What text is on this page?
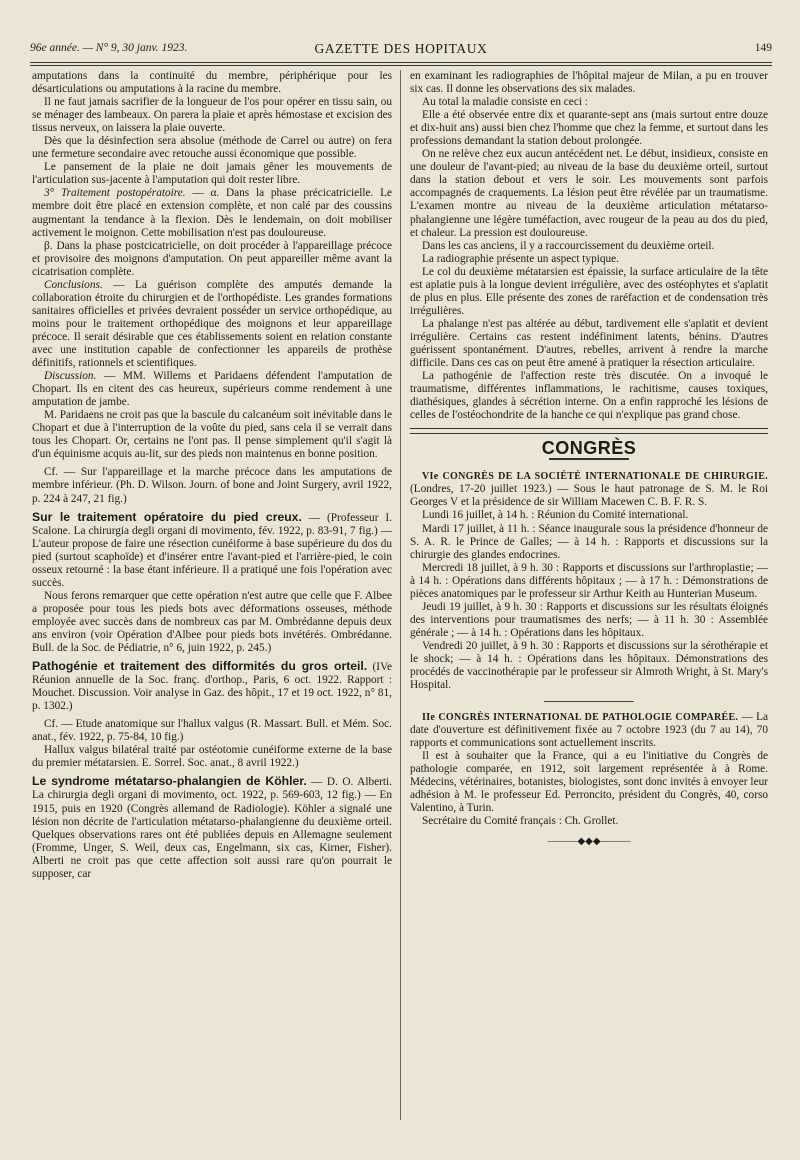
96e année. — N° 9, 30 janv. 1923.	GAZETTE DES HOPITAUX	149

amputations dans la continuité du membre, périphérique pour les désarticulations ou amputations à la racine du membre.

Il ne faut jamais sacrifier de la longueur de l'os pour opérer en tissu sain, ou se ménager des lambeaux. On parera la plaie et après hémostase et excision des tissus nerveux, on laissera la plaie ouverte.

Dès que la désinfection sera absolue (méthode de Carrel ou autre) on fera une fermeture secondaire avec retouche aussi économique que possible.

Le pansement de la plaie ne doit jamais gêner les mouvements de l'articulation sus-jacente à l'amputation qui doit rester libre.

3° Traitement postopératoire. — α. Dans la phase précicatricielle. Le membre doit être placé en extension complète, et non calé par des coussins augmentant la tendance à la flexion. Dès le lendemain, on doit mobiliser activement le moignon. Cette mobilisation n'est pas douloureuse.

β. Dans la phase postcicatricielle, on doit procéder à l'appareillage précoce et provisoire des moignons d'amputation. On peut appareiller même avant la cicatrisation complète.

Conclusions. — La guérison complète des amputés demande la collaboration étroite du chirurgien et de l'orthopédiste. Les grandes formations sanitaires officielles et privées devraient posséder un service orthopédique, au moins pour le traitement orthopédique des moignons et leur appareillage précoce. Il serait désirable que ces établissements soient en relation constante avec une institution capable de confectionner les appareils de prothèse définitifs, rationnels et scientifiques.

Discussion. — MM. Willems et Paridaens défendent l'amputation de Chopart. Ils en citent des cas heureux, supérieurs comme rendement à une amputation de jambe.

M. Paridaens ne croit pas que la bascule du calcanéum soit inévitable dans le Chopart et due à l'interruption de la voûte du pied, sans cela il se verrait dans tous les Chopart. Or, certains ne l'ont pas. Il pense simplement qu'il s'agit là d'un équinisme acquis au-lit, sur des pieds non maintenus en bonne position.

Cf. — Sur l'appareillage et la marche précoce dans les amputations de membre inférieur. (Ph. D. Wilson. Journ. of bone and Joint Surgery, avril 1922, p. 224 à 247, 21 fig.)

Sur le traitement opératoire du pied creux. — (Professeur I. Scalone. La chirurgia degli organi di movimento, fév. 1922, p. 83-91, 7 fig.) — L'auteur propose de faire une résection cunéiforme à base supérieure du dos du pied (surtout scaphoïde) et d'insérer entre l'avant-pied et l'arrière-pied, le coin osseux retourné : la base étant inférieure. Il a pratiqué une fois l'opération avec succès.

Nous ferons remarquer que cette opération n'est autre que celle que F. Albee a proposée pour tous les pieds bots avec déformations osseuses, méthode employée avec succès dans de nombreux cas par M. Ombrédanne depuis deux ans environ (voir Opération d'Albee pour pieds bots invétérés. Ombrédanne. Bull. de la Soc. de Pédiatrie, n° 6, juin 1922, p. 245.)

Pathogénie et traitement des difformités du gros orteil. (IVe Réunion annuelle de la Soc. franç. d'orthop., Paris, 6 oct. 1922. Rapport : Mouchet. Discussion. Voir analyse in Gaz. des hôpit., 17 et 19 oct. 1922, n° 81, p. 1302.)

Cf. — Etude anatomique sur l'hallux valgus (R. Massart. Bull. et Mém. Soc. anat., fév. 1922, p. 75-84, 10 fig.)

Hallux valgus bilatéral traité par ostéotomie cunéiforme externe de la base du premier métatarsien. E. Sorrel. Soc. anat., 8 avril 1922.)

Le syndrome métatarso-phalangien de Köhler. — D. O. Alberti. La chirurgia degli organi di movimento, oct. 1922, p. 569-603, 12 fig.) — En 1915, puis en 1920 (Congrès allemand de Radiologie). Köhler a signalé une lésion non décrite de l'articulation métatarso-phalangienne du deuxième orteil. Quelques observations rares ont été publiées depuis en Allemagne seulement (Fromme, Unger, S. Weil, deux cas, Engelmann, six cas, Kirner, Fisher). Alberti ne croit pas que cette affection soit aussi rare qu'on pourrait le supposer, car

en examinant les radiographies de l'hôpital majeur de Milan, a pu en trouver six cas. Il donne les observations des six malades.

Au total la maladie consiste en ceci :

Elle a été observée entre dix et quarante-sept ans (mais surtout entre douze et dix-huit ans) aussi bien chez l'homme que chez la femme, et surtout dans les professions demandant la station debout prolongée.

On ne relève chez eux aucun antécédent net. Le début, insidieux, consiste en une douleur de l'avant-pied; au niveau de la base du deuxième orteil, surtout dans la station debout et vers le soir. Les mouvements sont parfois accompagnés de craquements. La lésion peut être révélée par un traumatisme. L'examen montre au niveau de la deuxième articulation métatarso-phalangienne une légère tuméfaction, avec rougeur de la peau au dos du pied, et chaleur. La pression est douloureuse.

Dans les cas anciens, il y a raccourcissement du deuxième orteil.

La radiographie présente un aspect typique.

Le col du deuxième métatarsien est épaissie, la surface articulaire de la tête est aplatie puis à la longue devient irrégulière, avec des ostéophytes et s'aplatit de plus en plus. Elle présente des zones de raréfaction et de condensation très irrégulières.

La phalange n'est pas altérée au début, tardivement elle s'aplatit et devient irrégulière. Certains cas restent indéfiniment latents, bénins. D'autres guérissent spontanément. D'autres, rebelles, arrivent à rendre la marche difficile. Dans ces cas on peut être amené à pratiquer la résection articulaire.

La pathogénie de l'affection reste très discutée. On a invoqué le traumatisme, différentes inflammations, le rachitisme, causes toxiques, diathésiques, glandes à sécrétion interne. On a enfin rapproché les lésions de celles de l'ostéochondrite de la hanche ce qui n'explique pas grand chose.

CONGRÈS

VIe CONGRÈS DE LA SOCIÉTÉ INTERNATIONALE DE CHIRURGIE. (Londres, 17-20 juillet 1923.) — Sous le haut patronage de S. M. le Roi Georges V et la présidence de sir William Macewen C. B. F. R. S.

Lundi 16 juillet, à 14 h. : Réunion du Comité international.

Mardi 17 juillet, à 11 h. : Séance inaugurale sous la présidence d'honneur de S. A. R. le Prince de Galles; — à 14 h. : Rapports et discussions sur la chirurgie des glandes endocrines.

Mercredi 18 juillet, à 9 h. 30 : Rapports et discussions sur l'arthroplastie; — à 14 h. : Opérations dans différents hôpitaux ; — à 17 h. : Démonstrations de pièces anatomiques par le professeur sir Arthur Keith au Hunterian Museum.

Jeudi 19 juillet, à 9 h. 30 : Rapports et discussions sur les résultats éloignés des interventions pour traumatismes des nerfs; — à 11 h. 30 : Assemblée générale ; — à 14 h. : Opérations dans les hôpitaux.

Vendredi 20 juillet, à 9 h. 30 : Rapports et discussions sur la sérothérapie et le shock; — à 14 h. : Opérations dans les hôpitaux. Démonstrations des procédés de vaccinothérapie par le professeur sir Almroth Wright, à St. Mary's Hospital.

IIe CONGRÈS INTERNATIONAL DE PATHOLOGIE COMPARÉE. — La date d'ouverture est définitivement fixée au 7 octobre 1923 (du 7 au 14), 70 rapports et communications sont actuellement inscrits.

Il est à souhaiter que la France, qui a eu l'initiative du Congrès de pathologie comparée, en 1912, soit largement représentée à à Rome. Médecins, vétérinaires, botanistes, biologistes, sont donc invités à envoyer leur adhésion à M. le professeur Ed. Perroncito, président du Congrès, 40, corso Valentino, à Turin.

Secrétaire du Comité français : Ch. Grollet.

———◆◆◆———
